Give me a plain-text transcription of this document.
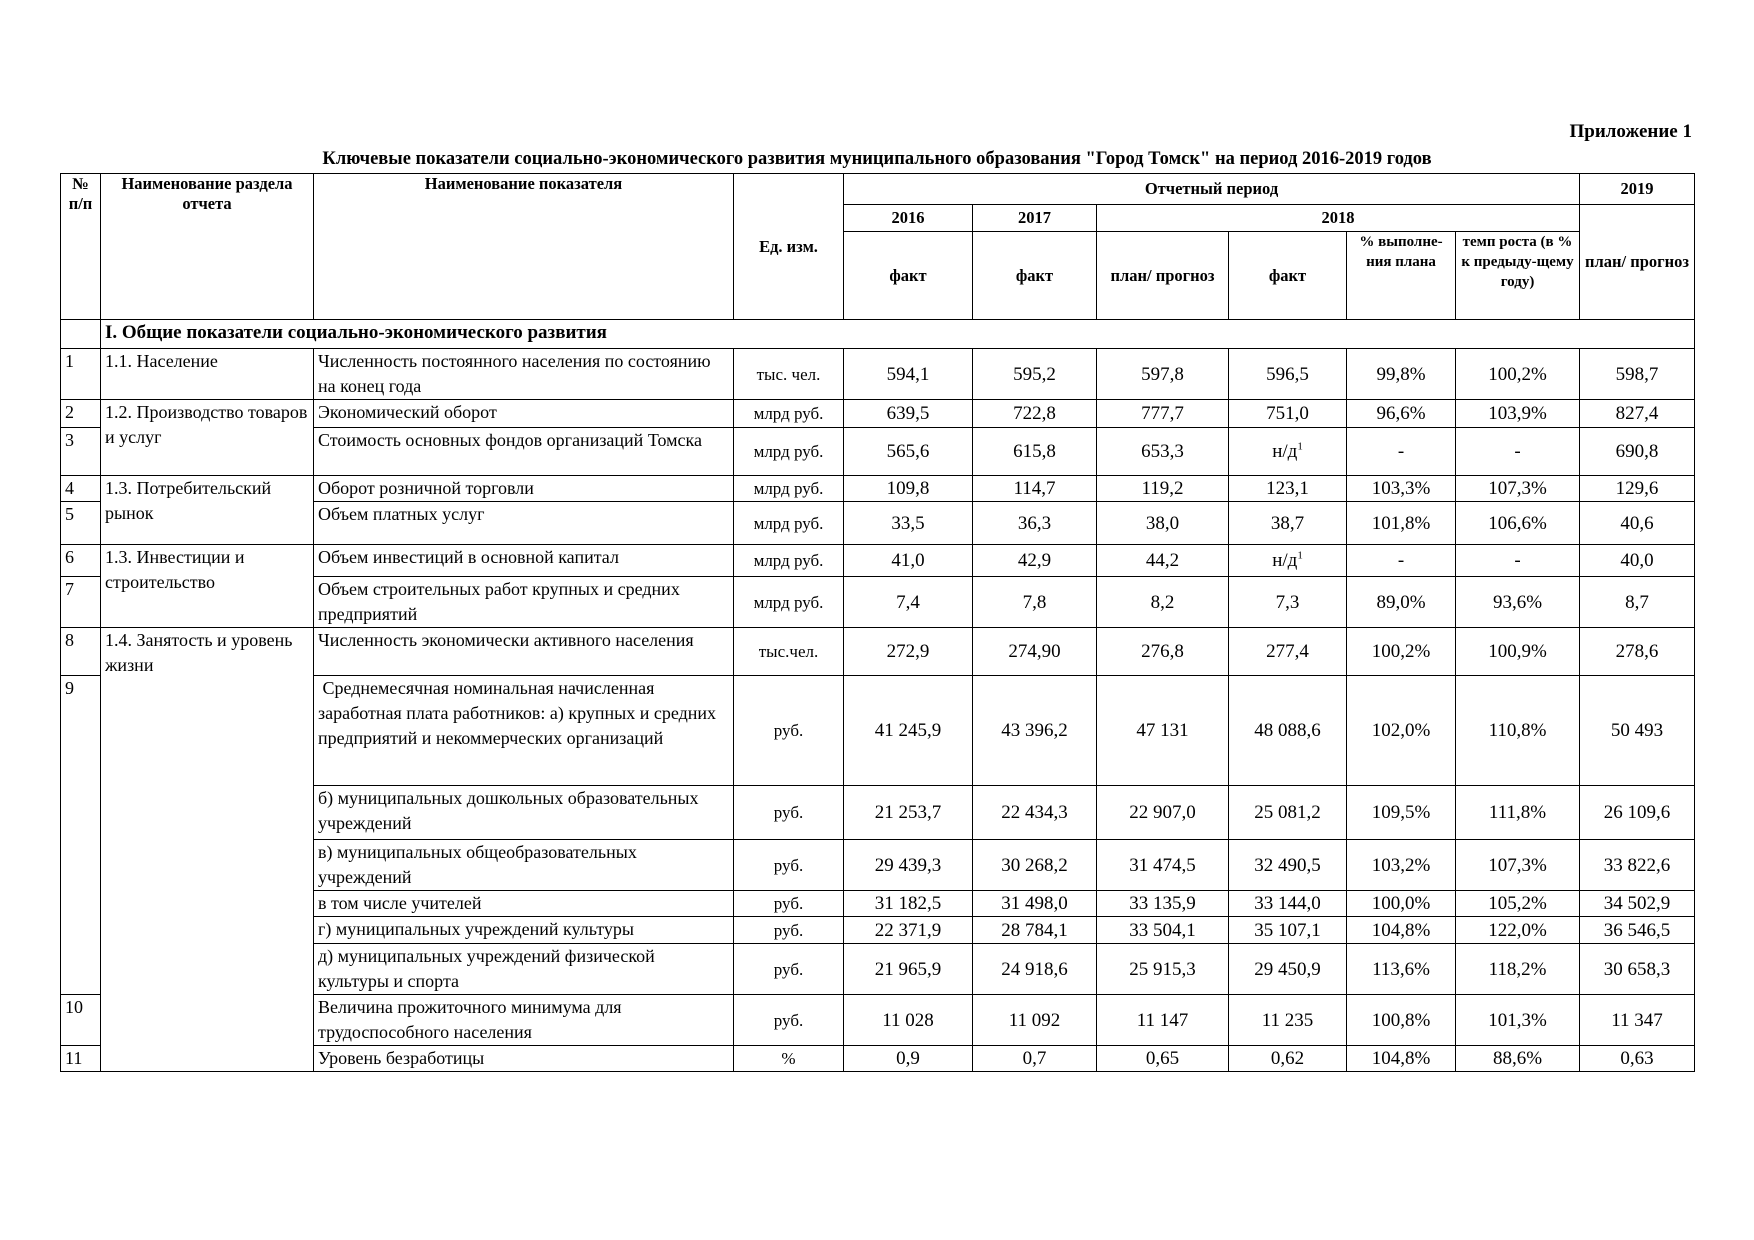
Приложение 1
Ключевые показатели социально-экономического развития муниципального образования "Город Томск" на период 2016-2019 годов
№ п/п	Наименование раздела отчета	Наименование показателя	Ед. изм.	Отчетный период						2019
				2016	2017	2018				план/ прогноз
				факт	факт	план/ прогноз	факт	% выполне-ния плана	темп роста (в % к предыду-щему году)	
	I. Общие показатели социально-экономического развития									
1	1.1. Население	Численность постоянного населения по состоянию на конец года	тыс. чел.	594,1	595,2	597,8	596,5	99,8%	100,2%	598,7
2	1.2. Производство товаров и услуг	Экономический оборот	млрд руб.	639,5	722,8	777,7	751,0	96,6%	103,9%	827,4
3		Стоимость основных фондов организаций Томска	млрд руб.	565,6	615,8	653,3	$н/д^1$	-	-	690,8
4	1.3. Потребительский рынок	Оборот розничной торговли	млрд руб.	109,8	114,7	119,2	123,1	103,3%	107,3%	129,6
5		Объем платных услуг	млрд руб.	33,5	36,3	38,0	38,7	101,8%	106,6%	40,6
6	1.3. Инвестиции и строительство	Объем инвестиций в основной капитал	млрд руб.	41,0	42,9	44,2	$н/д^1$	-	-	40,0
7		Объем строительных работ крупных и средних предприятий	млрд руб.	7,4	7,8	8,2	7,3	89,0%	93,6%	8,7
8	1.4. Занятость и уровень жизни	Численность экономически активного населения	тыс.чел.	272,9	274,90	276,8	277,4	100,2%	100,9%	278,6
9		Среднемесячная номинальная начисленная заработная плата работников: а) крупных и средних предприятий и некоммерческих организаций	руб.	41 245,9	43 396,2	47 131	48 088,6	102,0%	110,8%	50 493
		б) муниципальных дошкольных образовательных учреждений	руб.	21 253,7	22 434,3	22 907,0	25 081,2	109,5%	111,8%	26 109,6
		в) муниципальных общеобразовательных учреждений	руб.	29 439,3	30 268,2	31 474,5	32 490,5	103,2%	107,3%	33 822,6
		в том числе учителей	руб.	31 182,5	31 498,0	33 135,9	33 144,0	100,0%	105,2%	34 502,9
		г) муниципальных учреждений культуры	руб.	22 371,9	28 784,1	33 504,1	35 107,1	104,8%	122,0%	36 546,5
		д) муниципальных учреждений физической культуры и спорта	руб.	21 965,9	24 918,6	25 915,3	29 450,9	113,6%	118,2%	30 658,3
10		Величина прожиточного минимума для трудоспособного населения	руб.	11 028	11 092	11 147	11 235	100,8%	101,3%	11 347
11		Уровень безработицы	%	0,9	0,7	0,65	0,62	104,8%	88,6%	0,63
